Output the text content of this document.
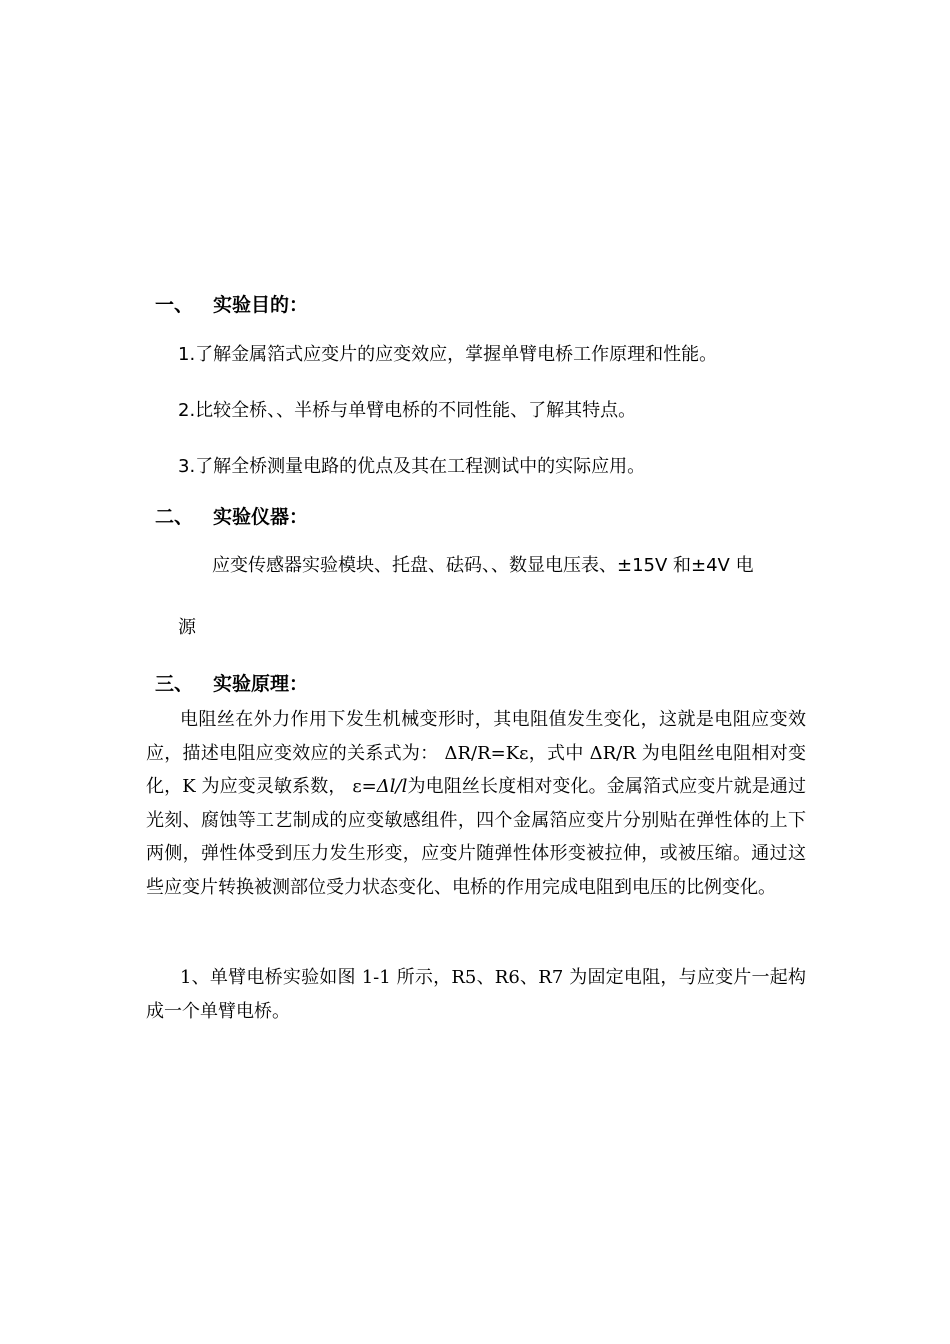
一、 实验目的：
1.了解金属箔式应变片的应变效应，掌握单臂电桥工作原理和性能。
2.比较全桥、、半桥与单臂电桥的不同性能、了解其特点。
3.了解全桥测量电路的优点及其在工程测试中的实际应用。
二、 实验仪器：
应变传感器实验模块、托盘、砝码、、数显电压表、±15V 和±4V 电
源
三、 实验原理：
电阻丝在外力作用下发生机械变形时，其电阻值发生变化，这就是电阻应变效应，描述电阻应变效应的关系式为： ΔR/R=Kε，式中 ΔR/R 为电阻丝电阻相对变化，K 为应变灵敏系数， ε=Δl/l为电阻丝长度相对变化。金属箔式应变片就是通过光刻、腐蚀等工艺制成的应变敏感组件，四个金属箔应变片分别贴在弹性体的上下两侧，弹性体受到压力发生形变，应变片随弹性体形变被拉伸，或被压缩。通过这些应变片转换被测部位受力状态变化、电桥的作用完成电阻到电压的比例变化。
1、单臂电桥实验如图 1-1 所示，R5、R6、R7 为固定电阻，与应变片一起构成一个单臂电桥。
